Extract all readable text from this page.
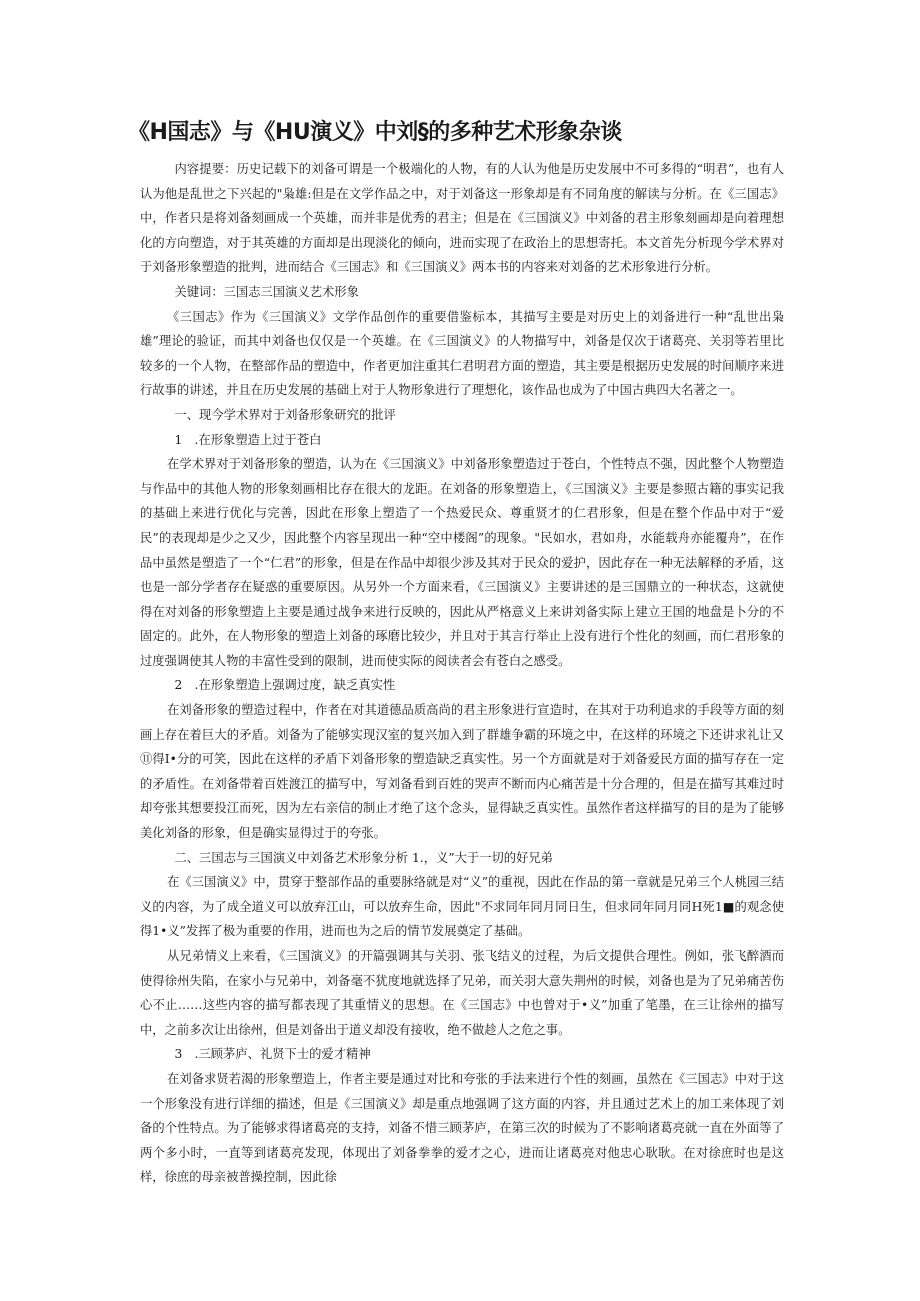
《H国志》与《HU演义》中刘§的多种艺术形象杂谈

内容提要：历史记载下的刘备可谓是一个极端化的人物，有的人认为他是历史发展中不可多得的“明君”，也有人认为他是乱世之下兴起的"枭雄:但是在文学作品之中，对于刘备这一形象却是有不同角度的解读与分析。在《三国志》中，作者只是将刘备刻画成一个英雄，而并非是优秀的君主；但是在《三国演义》中刘备的君主形象刻画却是向着理想化的方向塑造，对于其英雄的方面却是出现淡化的倾向，进而实现了在政治上的思想寄托。本文首先分析现今学术界对于刘备形象塑造的批判，进而结合《三国志》和《三国演义》两本书的内容来对刘备的艺术形象进行分析。

关键词：三国志三国演义艺术形象

《三国志》作为《三国演义》文学作品创作的重要借鉴标本，其描写主要是对历史上的刘备进行一种“乱世出枭雄”理论的验证，而其中刘备也仅仅是一个英雄。在《三国演义》的人物描写中，刘备是仅次于诸葛亮、关羽等若里比较多的一个人物，在整部作品的塑造中，作者更加注重其仁君明君方面的塑造，其主要是根据历史发展的时间顺序来进行故事的讲述，并且在历史发展的基础上对于人物形象进行了理想化，该作品也成为了中国古典四大名著之一。

一、现今学术界对于刘备形象研究的批评

1　.在形象塑造上过于苍白

在学术界对于刘备形象的塑造，认为在《三国演义》中刘备形象塑造过于苍白，个性特点不强，因此整个人物塑造与作品中的其他人物的形象刻画相比存在很大的龙距。在刘备的形象塑造上，《三国演义》主要是参照古籍的事实记我的基础上来进行优化与完善，因此在形象上塑造了一个热爱民众、尊重贤才的仁君形象，但是在整个作品中对于“爱民”的表现却是少之又少，因此整个内容呈现出一种“空中楼阁”的现象。"民如水，君如舟，水能载舟亦能覆舟”，在作品中虽然是塑造了一个“仁君”的形象，但是在作品中却很少涉及其对于民众的爱护，因此存在一种无法解释的矛盾，这也是一部分学者存在疑惑的重要原因。从另外一个方面来看，《三国演义》主要讲述的是三国鼎立的一种状态，这就使得在对刘备的形象塑造上主要是通过战争来进行反映的，因此从严格意义上来讲刘备实际上建立王国的地盘是卜分的不固定的。此外，在人物形象的塑造上刘备的琢磨比较少，并且对于其言行举止上没有进行个性化的刻画，而仁君形象的过度强调使其人物的丰富性受到的限制，进而使实际的阅读者会有苍白之感受。

2　.在形象塑造上强调过度，缺乏真实性

在刘备形象的塑造过程中，作者在对其道德品质高尚的君主形象进行宣造时，在其对于功利追求的手段等方面的刻画上存在着巨大的矛盾。刘备为了能够实现汉室的复兴加入到了群雄争霸的环境之中，在这样的环境之下还讲求礼让又⑪得I•分的可笑，因此在这样的矛盾下刘备形象的塑造缺乏真实性。另一个方面就是对于刘备爱民方面的描写存在一定的矛盾性。在刘备带着百姓渡江的描写中，写刘备看到百姓的哭声不断而内心痛苦是十分合理的，但是在描写其难过时却夸张其想要投江而死，因为左右亲信的制止才绝了这个念头，显得缺乏真实性。虽然作者这样描写的目的是为了能够美化刘备的形象，但是确实显得过于的夸张。

二、三国志与三国演义中刘备艺术形象分析 1.，义”大于一切的好兄弟

在《三国演义》中，贯穿于整部作品的重要脉络就是对“义”的重视，因此在作品的第一章就是兄弟三个人桃园三结义的内容，为了成全道义可以放弃江山，可以放弃生命，因此"不求同年同月同日生，但求同年同月同H死1■的观念使得1•义”发挥了极为重要的作用，进而也为之后的情节发展奠定了基础。

从兄弟情义上来看，《三国演义》的开篇强调其与关羽、张飞结义的过程，为后文提供合理性。例如，张飞醉酒而使得徐州失陷，在家小与兄弟中，刘备毫不犹度地就选择了兄弟，而关羽大意失荆州的时候，刘备也是为了兄弟痛苦伤心不止……这些内容的描写都表现了其重情义的思想。在《三国志》中也曾对于•义”加重了笔墨，在三让徐州的描写中，之前多次让出徐州，但是刘备出于道义却没有接收，绝不做趁人之危之事。

3　.三顾茅庐、礼贤下士的爱才精神

在刘备求贤若渴的形象塑造上，作者主要是通过对比和夸张的手法来进行个性的刻画，虽然在《三国志》中对于这一个形象没有进行详细的描述，但是《三国演义》却是重点地强调了这方面的内容，并且通过艺术上的加工来体现了刘备的个性特点。为了能够求得诸葛亮的支持，刘备不惜三顾茅庐，在第三次的时候为了不影响诸葛亮就一直在外面等了两个多小时，一直等到诸葛亮发现，体现出了刘备拳拳的爱才之心，进而让诸葛亮对他忠心耿耿。在对徐庶时也是这样，徐庶的母亲被普操控制，因此徐
